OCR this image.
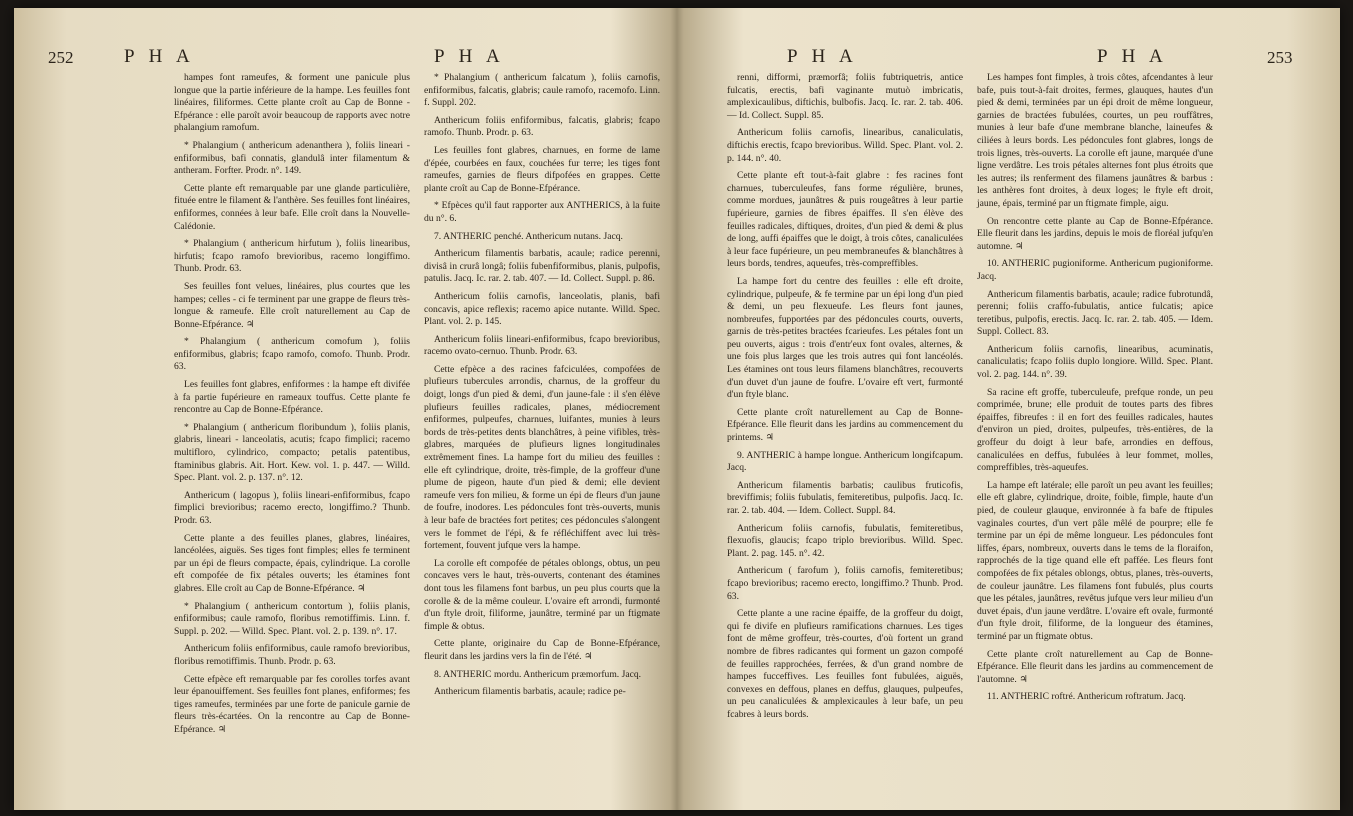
252	P H A	P H A

hampes font rameufes, & forment une panicule plus longue que la partie inférieure de la hampe. Les feuilles font linéaires, filiformes. Cette plante croît au Cap de Bonne - Efpérance : elle paroît avoir beaucoup de rapports avec notre phalangium ramofum.

* Phalangium ( anthericum adenanthera ), foliis lineari - enfiformibus, bafi connatis, glandulâ inter filamentum & antheram. Forfter. Prodr. n°. 149.

Cette plante eft remarquable par une glande particulière, fituée entre le filament & l'anthère. Ses feuilles font linéaires, enfiformes, connées à leur bafe. Elle croît dans la Nouvelle-Calédonie.

* Phalangium ( anthericum hirfutum ), foliis linearibus, hirfutis; fcapo ramofo brevioribus, racemo longiffimo. Thunb. Prodr. 63.

Ses feuilles font velues, linéaires, plus courtes que les hampes; celles - ci fe terminent par une grappe de fleurs très-longue & rameufe. Elle croît naturellement au Cap de Bonne-Efpérance. ♃

* Phalangium ( anthericum comofum ), foliis enfiformibus, glabris; fcapo ramofo, comofo. Thunb. Prodr. 63.

Les feuilles font glabres, enfiformes : la hampe eft divifée à fa partie fupérieure en rameaux touffus. Cette plante fe rencontre au Cap de Bonne-Efpérance.

* Phalangium ( anthericum floribundum ), foliis planis, glabris, lineari - lanceolatis, acutis; fcapo fimplici; racemo multifloro, cylindrico, compacto; petalis patentibus, ftaminibus glabris. Ait. Hort. Kew. vol. 1. p. 447. — Willd. Spec. Plant. vol. 2. p. 137. n°. 12.

Anthericum ( lagopus ), foliis lineari-enfiformibus, fcapo fimplici brevioribus; racemo erecto, longiffimo.? Thunb. Prodr. 63.

Cette plante a des feuilles planes, glabres, linéaires, lancéolées, aiguës. Ses tiges font fimples; elles fe terminent par un épi de fleurs compacte, épais, cylindrique. La corolle eft compofée de fix pétales ouverts; les étamines font glabres. Elle croît au Cap de Bonne-Efpérance. ♃

* Phalangium ( anthericum contortum ), foliis planis, enfiformibus; caule ramofo, floribus remotiffimis. Linn. f. Suppl. p. 202. — Willd. Spec. Plant. vol. 2. p. 139. n°. 17.

Anthericum foliis enfiformibus, caule ramofo brevioribus, floribus remotiffimis. Thunb. Prodr. p. 63.

Cette efpèce eft remarquable par fes corolles torfes avant leur épanouiffement. Ses feuilles font planes, enfiformes; fes tiges rameufes, terminées par une forte de panicule garnie de fleurs très-écartées. On la rencontre au Cap de Bonne-Efpérance. ♃

* Phalangium ( anthericum falcatum ), foliis carnofis, enfiformibus, falcatis, glabris; caule ramofo, racemofo. Linn. f. Suppl. 202.

Anthericum foliis enfiformibus, falcatis, glabris; fcapo ramofo. Thunb. Prodr. p. 63.

Les feuilles font glabres, charnues, en forme de lame d'épée, courbées en faux, couchées fur terre; les tiges font rameufes, garnies de fleurs difpofées en grappes. Cette plante croît au Cap de Bonne-Efpérance.

* Efpèces qu'il faut rapporter aux ANTHERICS, à la fuite du n°. 6.

7. ANTHERIC penché. Anthericum nutans. Jacq.

Anthericum filamentis barbatis, acaule; radice perenni, divisâ in crurâ longâ; foliis fubenfiformibus, planis, pulpofis, patulis. Jacq. Ic. rar. 2. tab. 407. — Id. Collect. Suppl. p. 86.

Anthericum foliis carnofis, lanceolatis, planis, bafi concavis, apice reflexis; racemo apice nutante. Willd. Spec. Plant. vol. 2. p. 145.

Anthericum foliis lineari-enfiformibus, fcapo brevioribus, racemo ovato-cernuo. Thunb. Prodr. 63.

Cette efpèce a des racines fafciculées, compofées de plufieurs tubercules arrondis, charnus, de la groffeur du doigt, longs d'un pied & demi, d'un jaune-fale : il s'en élève plufieurs feuilles radicales, planes, médiocrement enfiformes, pulpeufes, charnues, luifantes, munies à leurs bords de très-petites dents blanchâtres, à peine vifibles, très-glabres, marquées de plufieurs lignes longitudinales extrêmement fines. La hampe fort du milieu des feuilles : elle eft cylindrique, droite, très-fimple, de la groffeur d'une plume de pigeon, haute d'un pied & demi; elle devient rameufe vers fon milieu, & forme un épi de fleurs d'un jaune de foufre, inodores. Les pédoncules font très-ouverts, munis à leur bafe de bractées fort petites; ces pédoncules s'alongent vers le fommet de l'épi, & fe réfléchiffent avec lui très-fortement, fouvent jufque vers la hampe.

La corolle eft compofée de pétales oblongs, obtus, un peu concaves vers le haut, très-ouverts, contenant des étamines dont tous les filamens font barbus, un peu plus courts que la corolle & de la même couleur. L'ovaire eft arrondi, furmonté d'un ftyle droit, filiforme, jaunâtre, terminé par un ftigmate fimple & obtus.

Cette plante, originaire du Cap de Bonne-Efpérance, fleurit dans les jardins vers la fin de l'été. ♃

8. ANTHERIC mordu. Anthericum præmorfum. Jacq.

Anthericum filamentis barbatis, acaule; radice pe-

P H A	P H A	253

renni, difformi, præmorfâ; foliis fubtriquetris, antice fulcatis, erectis, bafi vaginante mutuò imbricatis, amplexicaulibus, diftichis, bulbofis. Jacq. Ic. rar. 2. tab. 406. — Id. Collect. Suppl. 85.

Anthericum foliis carnofis, linearibus, canaliculatis, diftichis erectis, fcapo brevioribus. Willd. Spec. Plant. vol. 2. p. 144. n°. 40.

Cette plante eft tout-à-fait glabre : fes racines font charnues, tuberculeufes, fans forme régulière, brunes, comme mordues, jaunâtres & puis rougeâtres à leur partie fupérieure, garnies de fibres épaiffes. Il s'en élève des feuilles radicales, diftiques, droites, d'un pied & demi & plus de long, auffi épaiffes que le doigt, à trois côtes, canaliculées à leur face fupérieure, un peu membraneufes & blanchâtres à leurs bords, tendres, aqueufes, très-compreffibles.

La hampe fort du centre des feuilles : elle eft droite, cylindrique, pulpeufe, & fe termine par un épi long d'un pied & demi, un peu flexueufe. Les fleurs font jaunes, nombreufes, fupportées par des pédoncules courts, ouverts, garnis de très-petites bractées fcarieufes. Les pétales font un peu ouverts, aigus : trois d'entr'eux font ovales, alternes, & une fois plus larges que les trois autres qui font lancéolés. Les étamines ont tous leurs filamens blanchâtres, recouverts d'un duvet d'un jaune de foufre. L'ovaire eft vert, furmonté d'un ftyle blanc.

Cette plante croît naturellement au Cap de Bonne-Efpérance. Elle fleurit dans les jardins au commencement du printems. ♃

9. ANTHERIC à hampe longue. Anthericum longifcapum. Jacq.

Anthericum filamentis barbatis; caulibus fruticofis, breviffimis; foliis fubulatis, femiteretibus, pulpofis. Jacq. Ic. rar. 2. tab. 404. — Idem. Collect. Suppl. 84.

Anthericum foliis carnofis, fubulatis, femiteretibus, flexuofis, glaucis; fcapo triplo brevioribus. Willd. Spec. Plant. 2. pag. 145. n°. 42.

Anthericum ( farofum ), foliis carnofis, femiteretibus; fcapo brevioribus; racemo erecto, longiffimo.? Thunb. Prod. 63.

Cette plante a une racine épaiffe, de la groffeur du doigt, qui fe divife en plufieurs ramifications charnues. Les tiges font de même groffeur, très-courtes, d'où fortent un grand nombre de fibres radicantes qui forment un gazon compofé de feuilles rapprochées, ferrées, & d'un grand nombre de hampes fucceffives. Les feuilles font fubulées, aiguës, convexes en deffous, planes en deffus, glauques, pulpeufes, un peu canaliculées & amplexicaules à leur bafe, un peu fcabres à leurs bords.

Les hampes font fimples, à trois côtes, afcendantes à leur bafe, puis tout-à-fait droites, fermes, glauques, hautes d'un pied & demi, terminées par un épi droit de même longueur, garnies de bractées fubulées, courtes, un peu rouffâtres, munies à leur bafe d'une membrane blanche, laineufes & ciliées à leurs bords. Les pédoncules font glabres, longs de trois lignes, très-ouverts. La corolle eft jaune, marquée d'une ligne verdâtre. Les trois pétales alternes font plus étroits que les autres; ils renferment des filamens jaunâtres & barbus : les anthères font droites, à deux loges; le ftyle eft droit, jaune, épais, terminé par un ftigmate fimple, aigu.

On rencontre cette plante au Cap de Bonne-Efpérance. Elle fleurit dans les jardins, depuis le mois de floréal jufqu'en automne. ♃

10. ANTHERIC pugioniforme. Anthericum pugioniforme. Jacq.

Anthericum filamentis barbatis, acaule; radice fubrotundâ, perenni; foliis craffo-fubulatis, antice fulcatis; apice teretibus, pulpofis, erectis. Jacq. Ic. rar. 2. tab. 405. — Idem. Suppl. Collect. 83.

Anthericum foliis carnofis, linearibus, acuminatis, canaliculatis; fcapo foliis duplo longiore. Willd. Spec. Plant. vol. 2. pag. 144. n°. 39.

Sa racine eft groffe, tuberculeufe, prefque ronde, un peu comprimée, brune; elle produit de toutes parts des fibres épaiffes, fibreufes : il en fort des feuilles radicales, hautes d'environ un pied, droites, pulpeufes, très-entières, de la groffeur du doigt à leur bafe, arrondies en deffous, canaliculées en deffus, fubulées à leur fommet, molles, compreffibles, très-aqueufes.

La hampe eft latérale; elle paroît un peu avant les feuilles; elle eft glabre, cylindrique, droite, foible, fimple, haute d'un pied, de couleur glauque, environnée à fa bafe de ftipules vaginales courtes, d'un vert pâle mêlé de pourpre; elle fe termine par un épi de même longueur. Les pédoncules font liffes, épars, nombreux, ouverts dans le tems de la floraifon, rapprochés de la tige quand elle eft paffée. Les fleurs font compofées de fix pétales oblongs, obtus, planes, très-ouverts, de couleur jaunâtre. Les filamens font fubulés, plus courts que les pétales, jaunâtres, revêtus jufque vers leur milieu d'un duvet épais, d'un jaune verdâtre. L'ovaire eft ovale, furmonté d'un ftyle droit, filiforme, de la longueur des étamines, terminé par un ftigmate obtus.

Cette plante croît naturellement au Cap de Bonne-Efpérance. Elle fleurit dans les jardins au commencement de l'automne. ♃

11. ANTHERIC roftré. Anthericum roftratum. Jacq.
